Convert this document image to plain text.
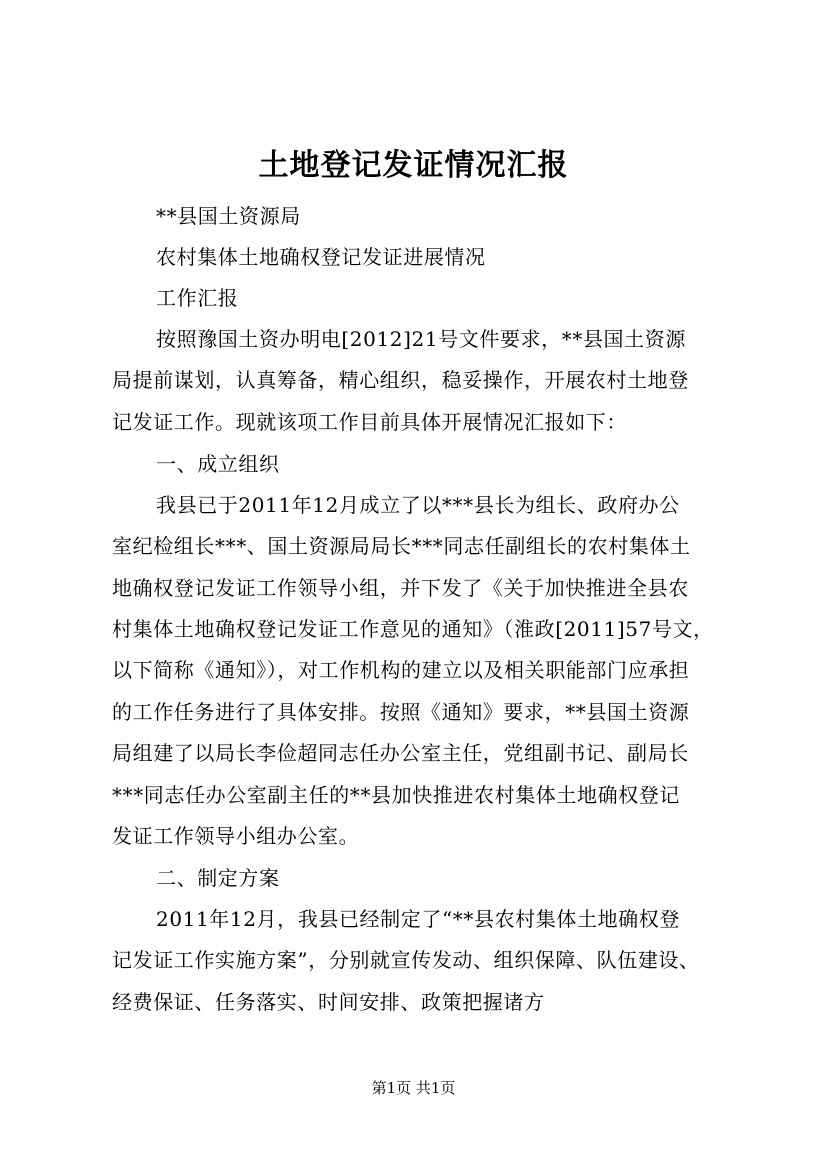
土地登记发证情况汇报
**县国土资源局
农村集体土地确权登记发证进展情况
工作汇报
按照豫国土资办明电[2012]21号文件要求，**县国土资源
局提前谋划，认真筹备，精心组织，稳妥操作，开展农村土地登
记发证工作。现就该项工作目前具体开展情况汇报如下：
一、成立组织
我县已于2011年12月成立了以***县长为组长、政府办公
室纪检组长***、国土资源局局长***同志任副组长的农村集体土
地确权登记发证工作领导小组，并下发了《关于加快推进全县农
村集体土地确权登记发证工作意见的通知》（淮政[2011]57号文，
以下简称《通知》），对工作机构的建立以及相关职能部门应承担
的工作任务进行了具体安排。按照《通知》要求，**县国土资源
局组建了以局长李俭超同志任办公室主任，党组副书记、副局长
***同志任办公室副主任的**县加快推进农村集体土地确权登记
发证工作领导小组办公室。
二、制定方案
2011年12月，我县已经制定了“**县农村集体土地确权登
记发证工作实施方案”，分别就宣传发动、组织保障、队伍建设、
经费保证、任务落实、时间安排、政策把握诸方
第1页 共1页
